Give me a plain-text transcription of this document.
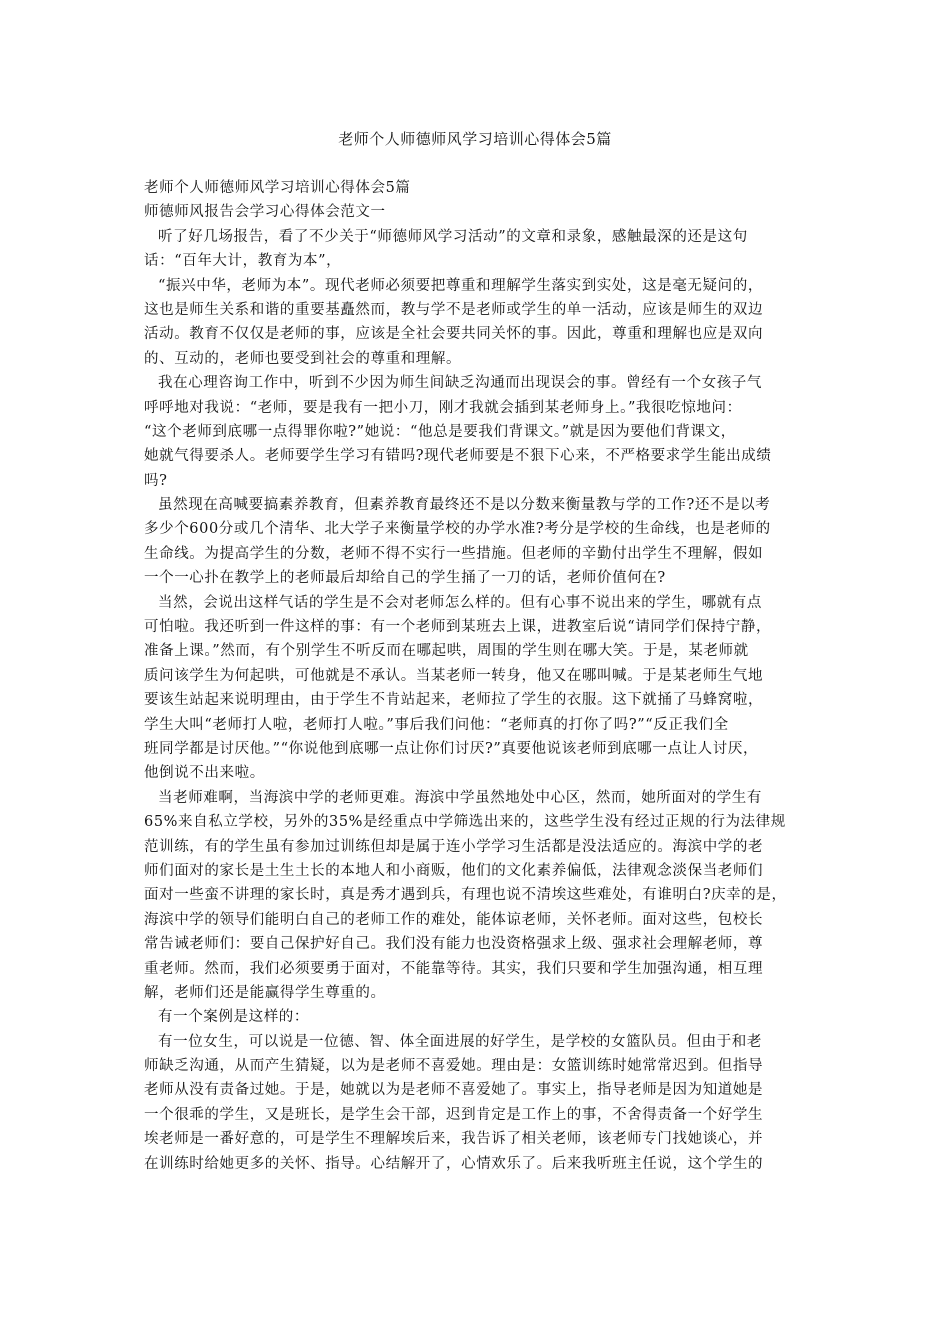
老师个人师德师风学习培训心得体会5篇
老师个人师德师风学习培训心得体会5篇
师德师风报告会学习心得体会范文一
听了好几场报告，看了不少关于“师德师风学习活动”的文章和录象，感触最深的还是这句
话：“百年大计，教育为本”，
“振兴中华，老师为本”。现代老师必须要把尊重和理解学生落实到实处，这是毫无疑问的，
这也是师生关系和谐的重要基矗然而，教与学不是老师或学生的单一活动，应该是师生的双边
活动。教育不仅仅是老师的事，应该是全社会要共同关怀的事。因此，尊重和理解也应是双向
的、互动的，老师也要受到社会的尊重和理解。
我在心理咨询工作中，听到不少因为师生间缺乏沟通而出现误会的事。曾经有一个女孩子气
呼呼地对我说：“老师，要是我有一把小刀，刚才我就会插到某老师身上。”我很吃惊地问：
“这个老师到底哪一点得罪你啦?”她说：“他总是要我们背课文。”就是因为要他们背课文，
她就气得要杀人。老师要学生学习有错吗?现代老师要是不狠下心来，不严格要求学生能出成绩
吗?
虽然现在高喊要搞素养教育，但素养教育最终还不是以分数来衡量教与学的工作?还不是以考
多少个600分或几个清华、北大学子来衡量学校的办学水准?考分是学校的生命线，也是老师的
生命线。为提高学生的分数，老师不得不实行一些措施。但老师的辛勤付出学生不理解，假如
一个一心扑在教学上的老师最后却给自己的学生捅了一刀的话，老师价值何在?
当然，会说出这样气话的学生是不会对老师怎么样的。但有心事不说出来的学生，哪就有点
可怕啦。我还听到一件这样的事：有一个老师到某班去上课，进教室后说“请同学们保持宁静，
准备上课。”然而，有个别学生不听反而在哪起哄，周围的学生则在哪大笑。于是，某老师就
质问该学生为何起哄，可他就是不承认。当某老师一转身，他又在哪叫喊。于是某老师生气地
要该生站起来说明理由，由于学生不肯站起来，老师拉了学生的衣服。这下就捅了马蜂窝啦，
学生大叫“老师打人啦，老师打人啦。”事后我们问他：“老师真的打你了吗?”“反正我们全
班同学都是讨厌他。”“你说他到底哪一点让你们讨厌?”真要他说该老师到底哪一点让人讨厌，
他倒说不出来啦。
当老师难啊，当海滨中学的老师更难。海滨中学虽然地处中心区，然而，她所面对的学生有
65%来自私立学校，另外的35%是经重点中学筛选出来的，这些学生没有经过正规的行为法律规
范训练，有的学生虽有参加过训练但却是属于连小学学习生活都是没法适应的。海滨中学的老
师们面对的家长是土生土长的本地人和小商贩，他们的文化素养偏低，法律观念淡保当老师们
面对一些蛮不讲理的家长时，真是秀才遇到兵，有理也说不清埃这些难处，有谁明白?庆幸的是，
海滨中学的领导们能明白自己的老师工作的难处，能体谅老师，关怀老师。面对这些，包校长
常告诫老师们：要自己保护好自己。我们没有能力也没资格强求上级、强求社会理解老师，尊
重老师。然而，我们必须要勇于面对，不能靠等待。其实，我们只要和学生加强沟通，相互理
解，老师们还是能赢得学生尊重的。
有一个案例是这样的：
有一位女生，可以说是一位德、智、体全面进展的好学生，是学校的女篮队员。但由于和老
师缺乏沟通，从而产生猜疑，以为是老师不喜爱她。理由是：女篮训练时她常常迟到。但指导
老师从没有责备过她。于是，她就以为是老师不喜爱她了。事实上，指导老师是因为知道她是
一个很乖的学生，又是班长，是学生会干部，迟到肯定是工作上的事，不舍得责备一个好学生
埃老师是一番好意的，可是学生不理解埃后来，我告诉了相关老师，该老师专门找她谈心，并
在训练时给她更多的关怀、指导。心结解开了，心情欢乐了。后来我听班主任说，这个学生的
